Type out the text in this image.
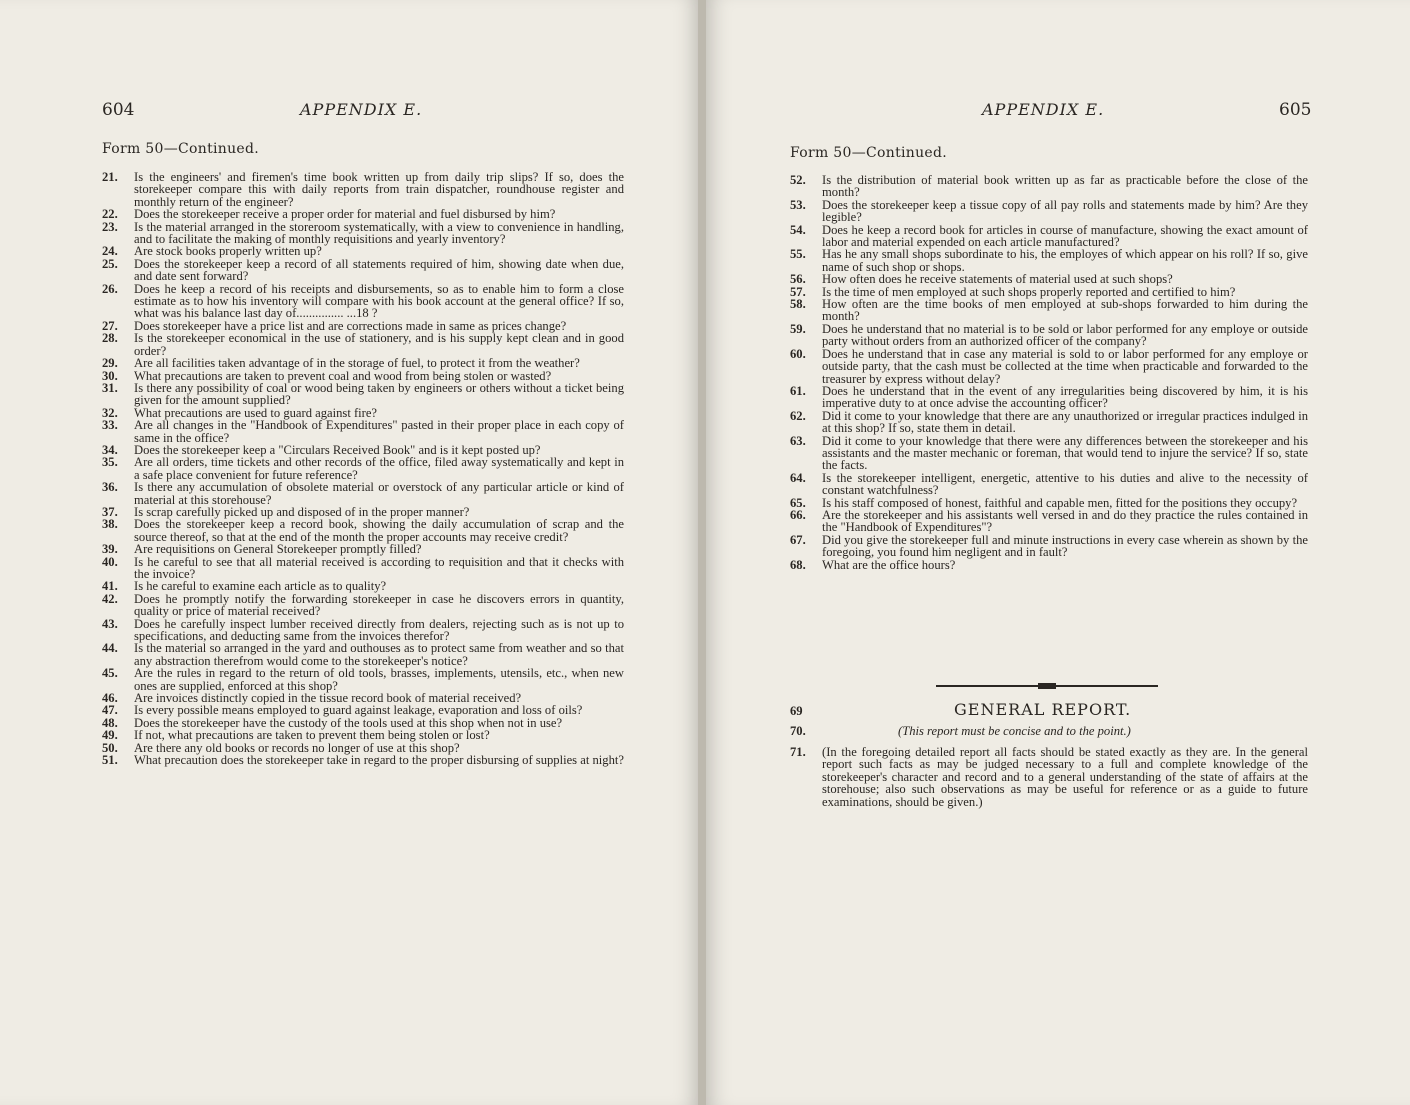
604	APPENDIX E.
Form 50—Continued.
21. Is the engineers' and firemen's time book written up from daily trip slips? If so, does the storekeeper compare this with daily reports from train dispatcher, roundhouse register and monthly return of the engineer?
22. Does the storekeeper receive a proper order for material and fuel disbursed by him?
23. Is the material arranged in the storeroom systematically, with a view to convenience in handling, and to facilitate the making of monthly requisitions and yearly inventory?
24. Are stock books properly written up?
25. Does the storekeeper keep a record of all statements required of him, showing date when due, and date sent forward?
26. Does he keep a record of his receipts and disbursements, so as to enable him to form a close estimate as to how his inventory will compare with his book account at the general office? If so, what was his balance last day of............... ...18 ?
27. Does storekeeper have a price list and are corrections made in same as prices change?
28. Is the storekeeper economical in the use of stationery, and is his supply kept clean and in good order?
29. Are all facilities taken advantage of in the storage of fuel, to protect it from the weather?
30. What precautions are taken to prevent coal and wood from being stolen or wasted?
31. Is there any possibility of coal or wood being taken by engineers or others without a ticket being given for the amount supplied?
32. What precautions are used to guard against fire?
33. Are all changes in the "Handbook of Expenditures" pasted in their proper place in each copy of same in the office?
34. Does the storekeeper keep a "Circulars Received Book" and is it kept posted up?
35. Are all orders, time tickets and other records of the office, filed away systematically and kept in a safe place convenient for future reference?
36. Is there any accumulation of obsolete material or overstock of any particular article or kind of material at this storehouse?
37. Is scrap carefully picked up and disposed of in the proper manner?
38. Does the storekeeper keep a record book, showing the daily accumulation of scrap and the source thereof, so that at the end of the month the proper accounts may receive credit?
39. Are requisitions on General Storekeeper promptly filled?
40. Is he careful to see that all material received is according to requisition and that it checks with the invoice?
41. Is he careful to examine each article as to quality?
42. Does he promptly notify the forwarding storekeeper in case he discovers errors in quantity, quality or price of material received?
43. Does he carefully inspect lumber received directly from dealers, rejecting such as is not up to specifications, and deducting same from the invoices therefor?
44. Is the material so arranged in the yard and outhouses as to protect same from weather and so that any abstraction therefrom would come to the storekeeper's notice?
45. Are the rules in regard to the return of old tools, brasses, implements, utensils, etc., when new ones are supplied, enforced at this shop?
46. Are invoices distinctly copied in the tissue record book of material received?
47. Is every possible means employed to guard against leakage, evaporation and loss of oils?
48. Does the storekeeper have the custody of the tools used at this shop when not in use?
49. If not, what precautions are taken to prevent them being stolen or lost?
50. Are there any old books or records no longer of use at this shop?
51. What precaution does the storekeeper take in regard to the proper disbursing of supplies at night?
APPENDIX E.	605
Form 50—Continued.
52. Is the distribution of material book written up as far as practicable before the close of the month?
53. Does the storekeeper keep a tissue copy of all pay rolls and statements made by him? Are they legible?
54. Does he keep a record book for articles in course of manufacture, showing the exact amount of labor and material expended on each article manufactured?
55. Has he any small shops subordinate to his, the employes of which appear on his roll? If so, give name of such shop or shops.
56. How often does he receive statements of material used at such shops?
57. Is the time of men employed at such shops properly reported and certified to him?
58. How often are the time books of men employed at sub-shops forwarded to him during the month?
59. Does he understand that no material is to be sold or labor performed for any employe or outside party without orders from an authorized officer of the company?
60. Does he understand that in case any material is sold to or labor performed for any employe or outside party, that the cash must be collected at the time when practicable and forwarded to the treasurer by express without delay?
61. Does he understand that in the event of any irregularities being discovered by him, it is his imperative duty to at once advise the accounting officer?
62. Did it come to your knowledge that there are any unauthorized or irregular practices indulged in at this shop? If so, state them in detail.
63. Did it come to your knowledge that there were any differences between the storekeeper and his assistants and the master mechanic or foreman, that would tend to injure the service? If so, state the facts.
64. Is the storekeeper intelligent, energetic, attentive to his duties and alive to the necessity of constant watchfulness?
65. Is his staff composed of honest, faithful and capable men, fitted for the positions they occupy?
66. Are the storekeeper and his assistants well versed in and do they practice the rules contained in the "Handbook of Expenditures"?
67. Did you give the storekeeper full and minute instructions in every case wherein as shown by the foregoing, you found him negligent and in fault?
68. What are the office hours?
69	GENERAL REPORT.
70.	(This report must be concise and to the point.)
71. (In the foregoing detailed report all facts should be stated exactly as they are. In the general report such facts as may be judged necessary to a full and complete knowledge of the storekeeper's character and record and to a general understanding of the state of affairs at the storehouse; also such observations as may be useful for reference or as a guide to future examinations, should be given.)
